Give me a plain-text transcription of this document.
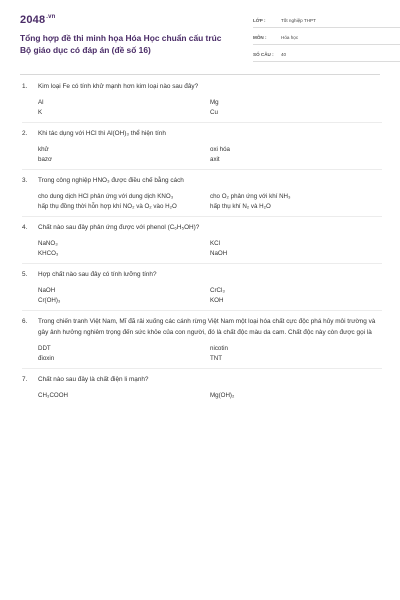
$2048^{.vn}$
Tổng hợp đề thi minh họa Hóa Học chuẩn cấu trúc Bộ giáo dục có đáp án (đề số 16)
LỚP :	Tốt nghiệp THPT
MÔN :	Hóa học
SỐ CÂU :	40
1.	Kim loại Fe có tính khử mạnh hơn kim loại nào sau đây?
Al	Mg
K	Cu
2.	Khi tác dụng với HCl thì Al(OH)₃ thể hiện tính
khử	oxi hóa
bazơ	axit
3.	Trong công nghiệp HNO₃ được điều chế bằng cách
cho dung dịch HCl phản ứng với dung dịch KNO₃	cho O₂ phản ứng với khí NH₃
hấp thụ đồng thời hỗn hợp khí NO₂ và O₂ vào H₂O	hấp thụ khí N₂ và H₂O
4.	Chất nào sau đây phản ứng được với phenol (C₆H₅OH)?
NaNO₃	KCl
KHCO₃	NaOH
5.	Hợp chất nào sau đây có tính lưỡng tính?
NaOH	CrCl₃
Cr(OH)₃	KOH
6.	Trong chiến tranh Việt Nam, Mĩ đã rải xuống các cánh rừng Việt Nam một loại hóa chất cực độc phá hủy môi trường và gây ảnh hưởng nghiêm trọng đến sức khỏe của con người, đó là chất độc màu da cam. Chất độc này còn được gọi là
DDT	nicotin
đioxin	TNT
7.	Chất nào sau đây là chất điện li mạnh?
CH₃COOH	Mg(OH)₂
